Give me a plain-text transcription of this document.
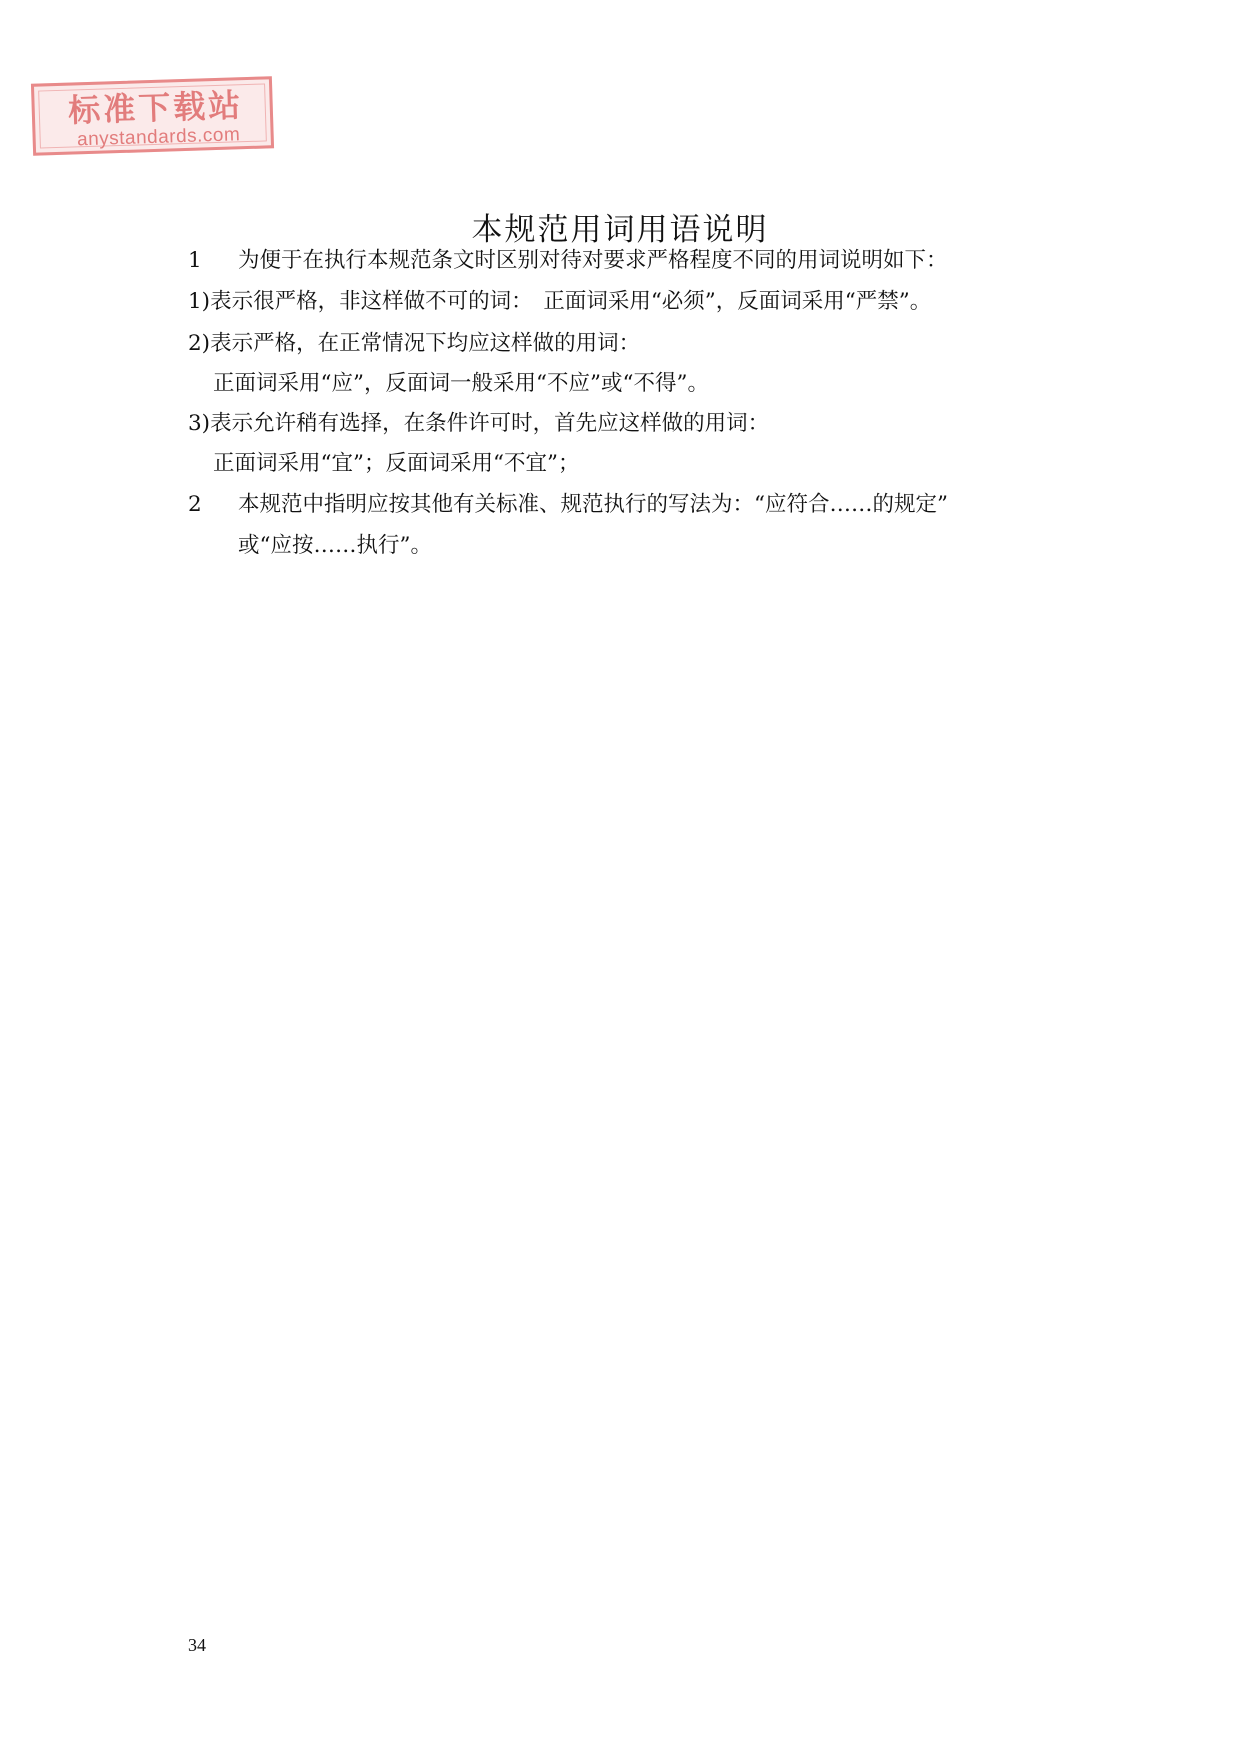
标准下载站
anystandards.com
本规范用词用语说明
1 为便于在执行本规范条文时区别对待对要求严格程度不同的用词说明如下：
1)表示很严格，非这样做不可的词：　正面词采用“必须”，反面词采用“严禁”。
2)表示严格，在正常情况下均应这样做的用词：
正面词采用“应”，反面词一般采用“不应”或“不得”。
3)表示允许稍有选择，在条件许可时，首先应这样做的用词：
正面词采用“宜”；反面词采用“不宜”；
2 本规范中指明应按其他有关标准、规范执行的写法为：“应符合……的规定”
或“应按……执行”。
34
